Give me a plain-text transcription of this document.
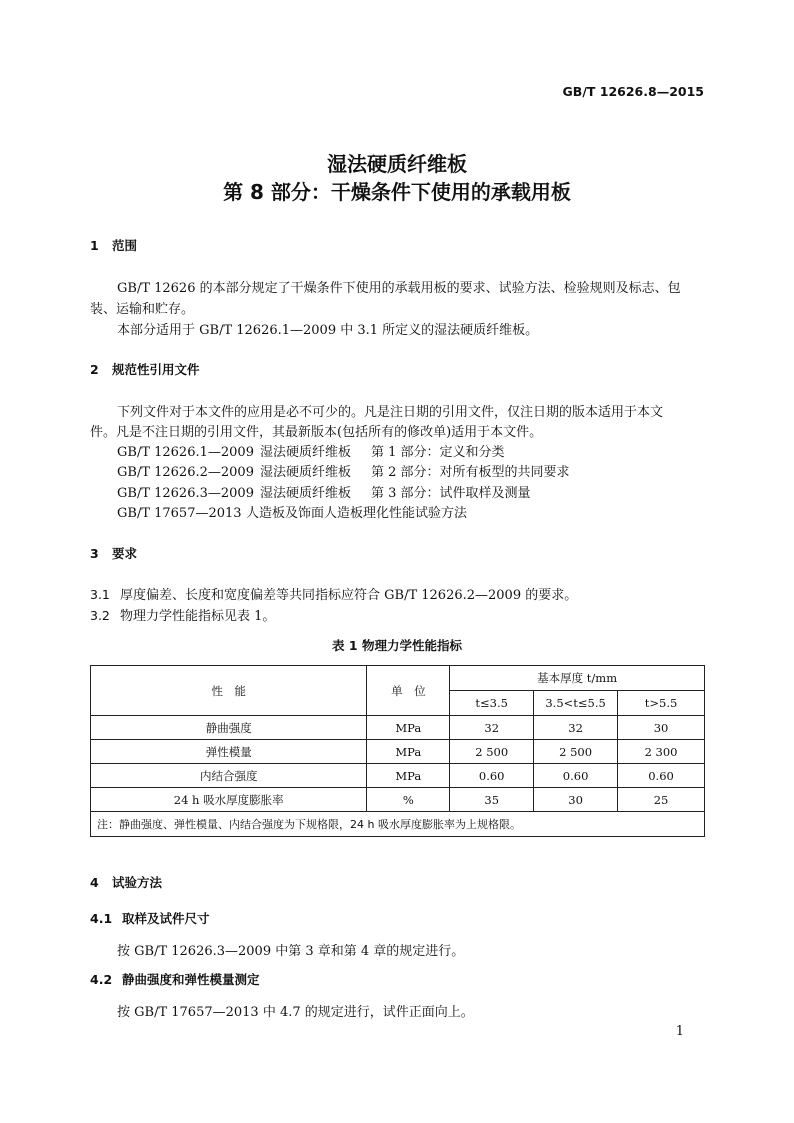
GB/T 12626.8—2015
湿法硬质纤维板
第 8 部分：干燥条件下使用的承载用板
1 范围
GB/T 12626 的本部分规定了干燥条件下使用的承载用板的要求、试验方法、检验规则及标志、包
装、运输和贮存。
本部分适用于 GB/T 12626.1—2009 中 3.1 所定义的湿法硬质纤维板。
2 规范性引用文件
下列文件对于本文件的应用是必不可少的。凡是注日期的引用文件，仅注日期的版本适用于本文
件。凡是不注日期的引用文件，其最新版本(包括所有的修改单)适用于本文件。
GB/T 12626.1—2009 湿法硬质纤维板 第 1 部分：定义和分类
GB/T 12626.2—2009 湿法硬质纤维板 第 2 部分：对所有板型的共同要求
GB/T 12626.3—2009 湿法硬质纤维板 第 3 部分：试件取样及测量
GB/T 17657—2013 人造板及饰面人造板理化性能试验方法
3 要求
3.1 厚度偏差、长度和宽度偏差等共同指标应符合 GB/T 12626.2—2009 的要求。
3.2 物理力学性能指标见表 1。
表 1 物理力学性能指标
性　能	单　位	基本厚度 t/mm		
		t≤3.5	3.5<t≤5.5	t>5.5
静曲强度	MPa	32	32	30
弹性模量	MPa	2 500	2 500	2 300
内结合强度	MPa	0.60	0.60	0.60
24 h 吸水厚度膨胀率	%	35	30	25
注：静曲强度、弹性模量、内结合强度为下规格限，24 h 吸水厚度膨胀率为上规格限。				
4 试验方法
4.1 取样及试件尺寸
按 GB/T 12626.3—2009 中第 3 章和第 4 章的规定进行。
4.2 静曲强度和弹性模量测定
按 GB/T 17657—2013 中 4.7 的规定进行，试件正面向上。
1
